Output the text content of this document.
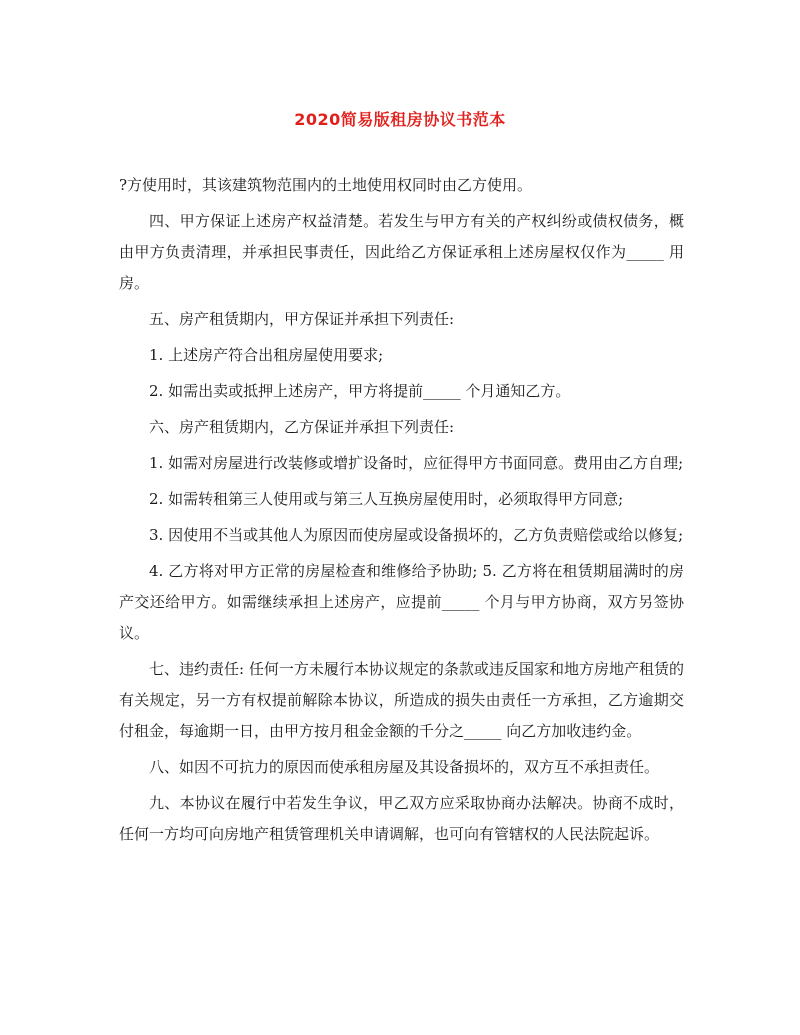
2020简易版租房协议书范本

?方使用时，其该建筑物范围内的土地使用权同时由乙方使用。

四、甲方保证上述房产权益清楚。若发生与甲方有关的产权纠纷或债权债务，概由甲方负责清理，并承担民事责任，因此给乙方保证承租上述房屋权仅作为_____ 用房。

五、房产租赁期内，甲方保证并承担下列责任:

1. 上述房产符合出租房屋使用要求;

2. 如需出卖或抵押上述房产，甲方将提前_____ 个月通知乙方。

六、房产租赁期内，乙方保证并承担下列责任:

1. 如需对房屋进行改装修或增扩设备时，应征得甲方书面同意。费用由乙方自理;

2. 如需转租第三人使用或与第三人互换房屋使用时，必须取得甲方同意;

3. 因使用不当或其他人为原因而使房屋或设备损坏的，乙方负责赔偿或给以修复;

4. 乙方将对甲方正常的房屋检查和维修给予协助; 5. 乙方将在租赁期届满时的房产交还给甲方。如需继续承担上述房产，应提前_____ 个月与甲方协商，双方另签协议。

七、违约责任: 任何一方未履行本协议规定的条款或违反国家和地方房地产租赁的有关规定，另一方有权提前解除本协议，所造成的损失由责任一方承担，乙方逾期交付租金，每逾期一日，由甲方按月租金金额的千分之_____ 向乙方加收违约金。

八、如因不可抗力的原因而使承租房屋及其设备损坏的，双方互不承担责任。

九、本协议在履行中若发生争议，甲乙双方应采取协商办法解决。协商不成时，任何一方均可向房地产租赁管理机关申请调解，也可向有管辖权的人民法院起诉。
